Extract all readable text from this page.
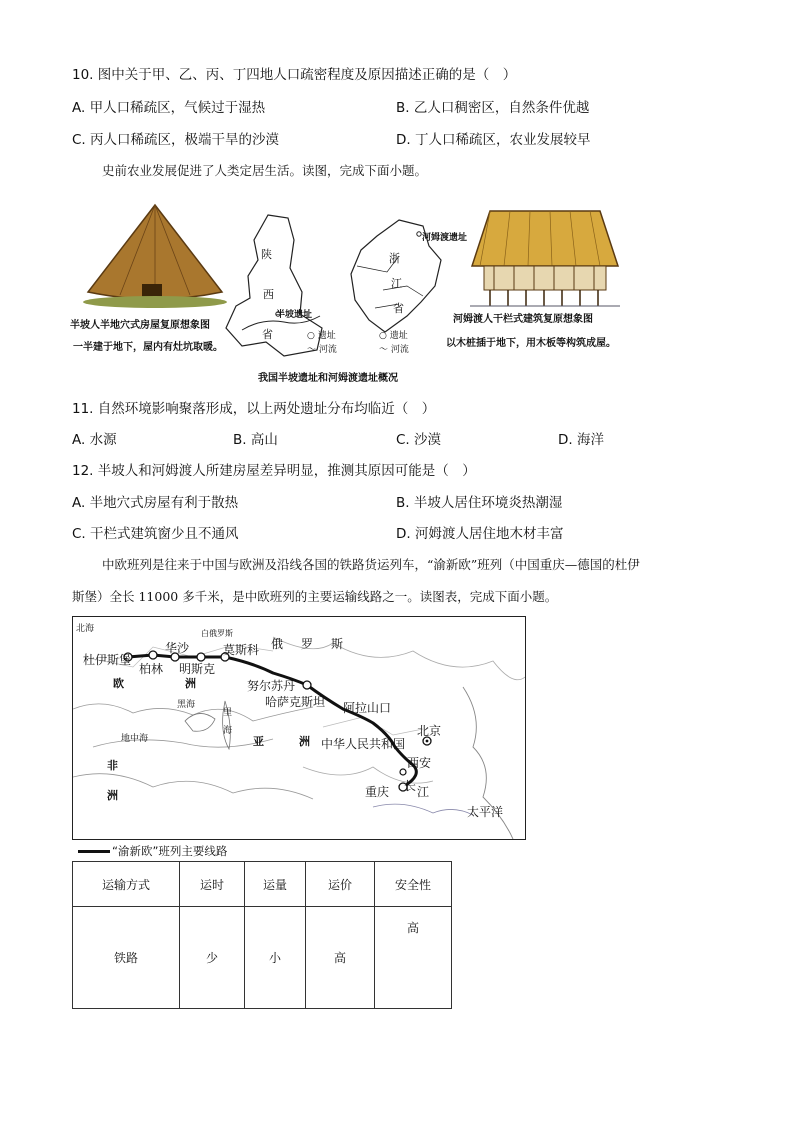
10. 图中关于甲、乙、丙、丁四地人口疏密程度及原因描述正确的是（　）
A. 甲人口稀疏区，气候过于湿热	B. 乙人口稠密区，自然条件优越
C. 丙人口稀疏区，极端干旱的沙漠	D. 丁人口稀疏区，农业发展较早
史前农业发展促进了人类定居生活。读图，完成下面小题。
半坡人半地穴式房屋复原想象图
一半建于地下，屋内有灶坑取暖。
陕
西
省
半坡遗址
○ 遗址
〜 河流
河姆渡遗址
浙
江
省
○ 遗址
〜 河流
河姆渡人干栏式建筑复原想象图
以木桩插于地下，用木板等构筑成屋。
我国半坡遗址和河姆渡遗址概况
11. 自然环境影响聚落形成，以上两处遗址分布均临近（　）
A. 水源	B. 高山	C. 沙漠	D. 海洋
12. 半坡人和河姆渡人所建房屋差异明显，推测其原因可能是（　）
A. 半地穴式房屋有利于散热	B. 半坡人居住环境炎热潮湿
C. 干栏式建筑窗少且不通风	D. 河姆渡人居住地木材丰富
中欧班列是往来于中国与欧洲及沿线各国的铁路货运列车，“渝新欧”班列（中国重庆—德国的杜伊
斯堡）全长 11000 多千米，是中欧班列的主要运输线路之一。读图表，完成下面小题。
北海
杜伊斯堡
柏林
华沙
白俄罗斯
明斯克
莫斯科 俄 罗 斯
欧	洲
黑海
里
海
地中海	亚	洲
非
洲
努尔苏丹
哈萨克斯坦 阿拉山口
北京
中华人民共和国
西安
重庆 长 江
太平洋
“渝新欧”班列主要线路
运输方式	运时	运量	运价	安全性
铁路	少	小	高	高
